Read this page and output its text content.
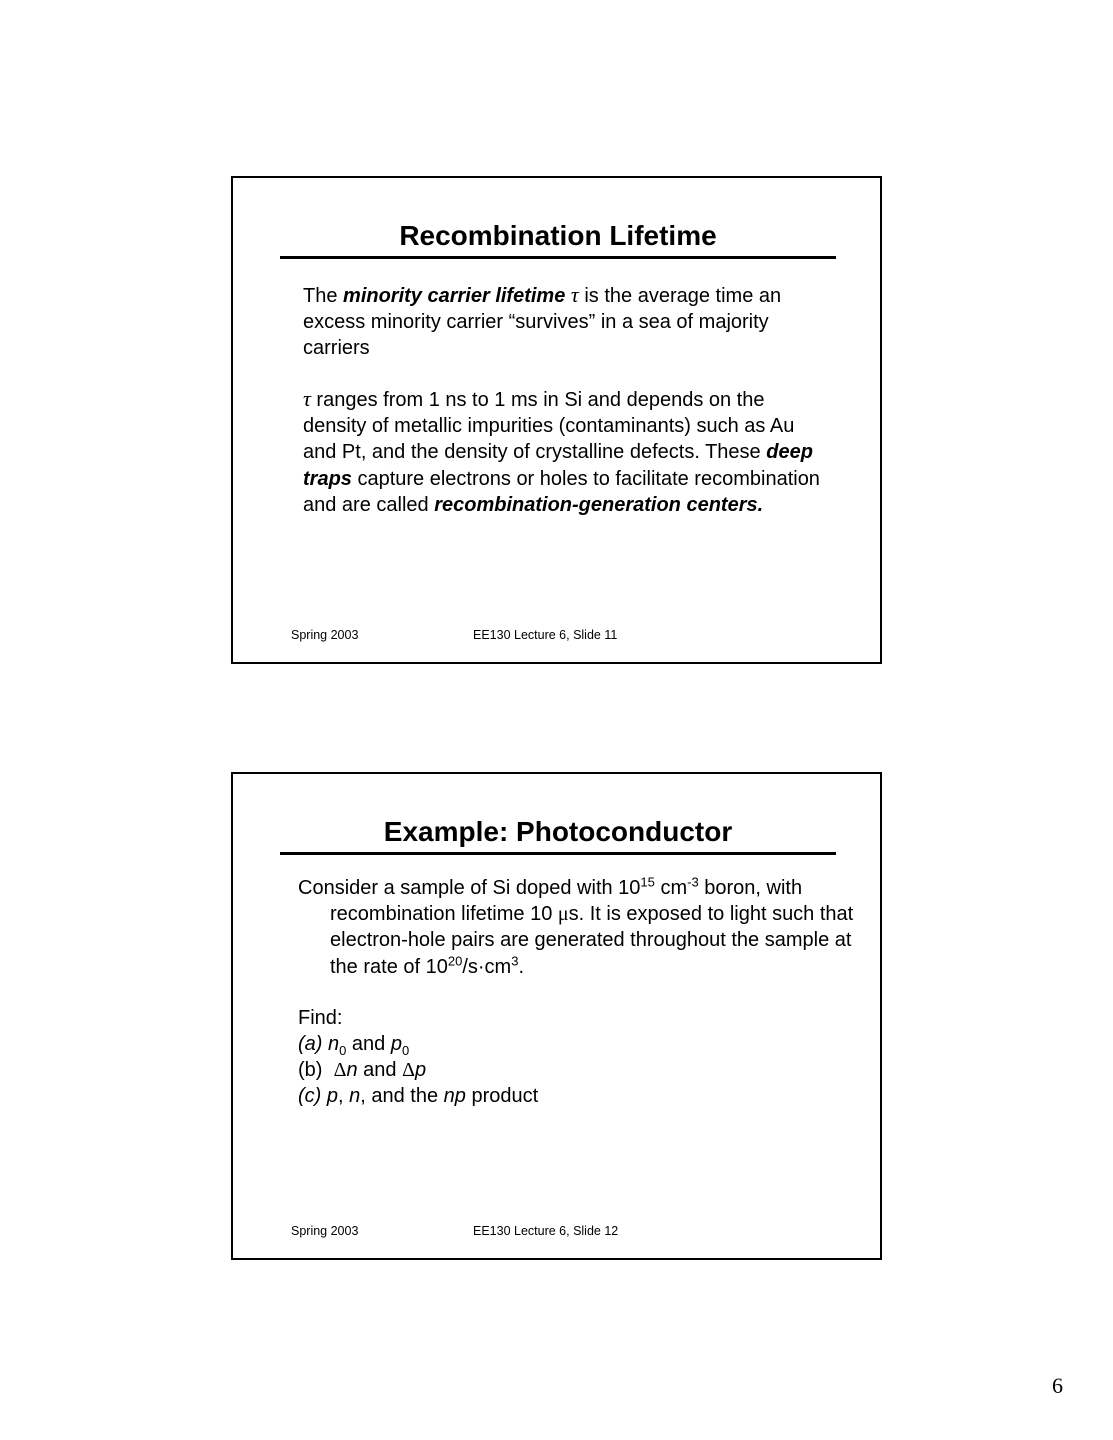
Recombination Lifetime

The minority carrier lifetime τ is the average time an excess minority carrier “survives” in a sea of majority carriers

τ ranges from 1 ns to 1 ms in Si and depends on the density of metallic impurities (contaminants) such as Au and Pt, and the density of crystalline defects. These deep traps capture electrons or holes to facilitate recombination and are called recombination-generation centers.

Spring 2003	EE130 Lecture 6, Slide 11
Example: Photoconductor

Consider a sample of Si doped with $10^{15}$ $cm^{-3}$ boron, with recombination lifetime 10 μs. It is exposed to light such that electron-hole pairs are generated throughout the sample at the rate of $10^{20}/s\cdot cm^3$.

Find:
(a) $n_0$ and $p_0$
(b) Δn and Δp
(c) p, n, and the np product
Spring 2003	EE130 Lecture 6, Slide 12
6
